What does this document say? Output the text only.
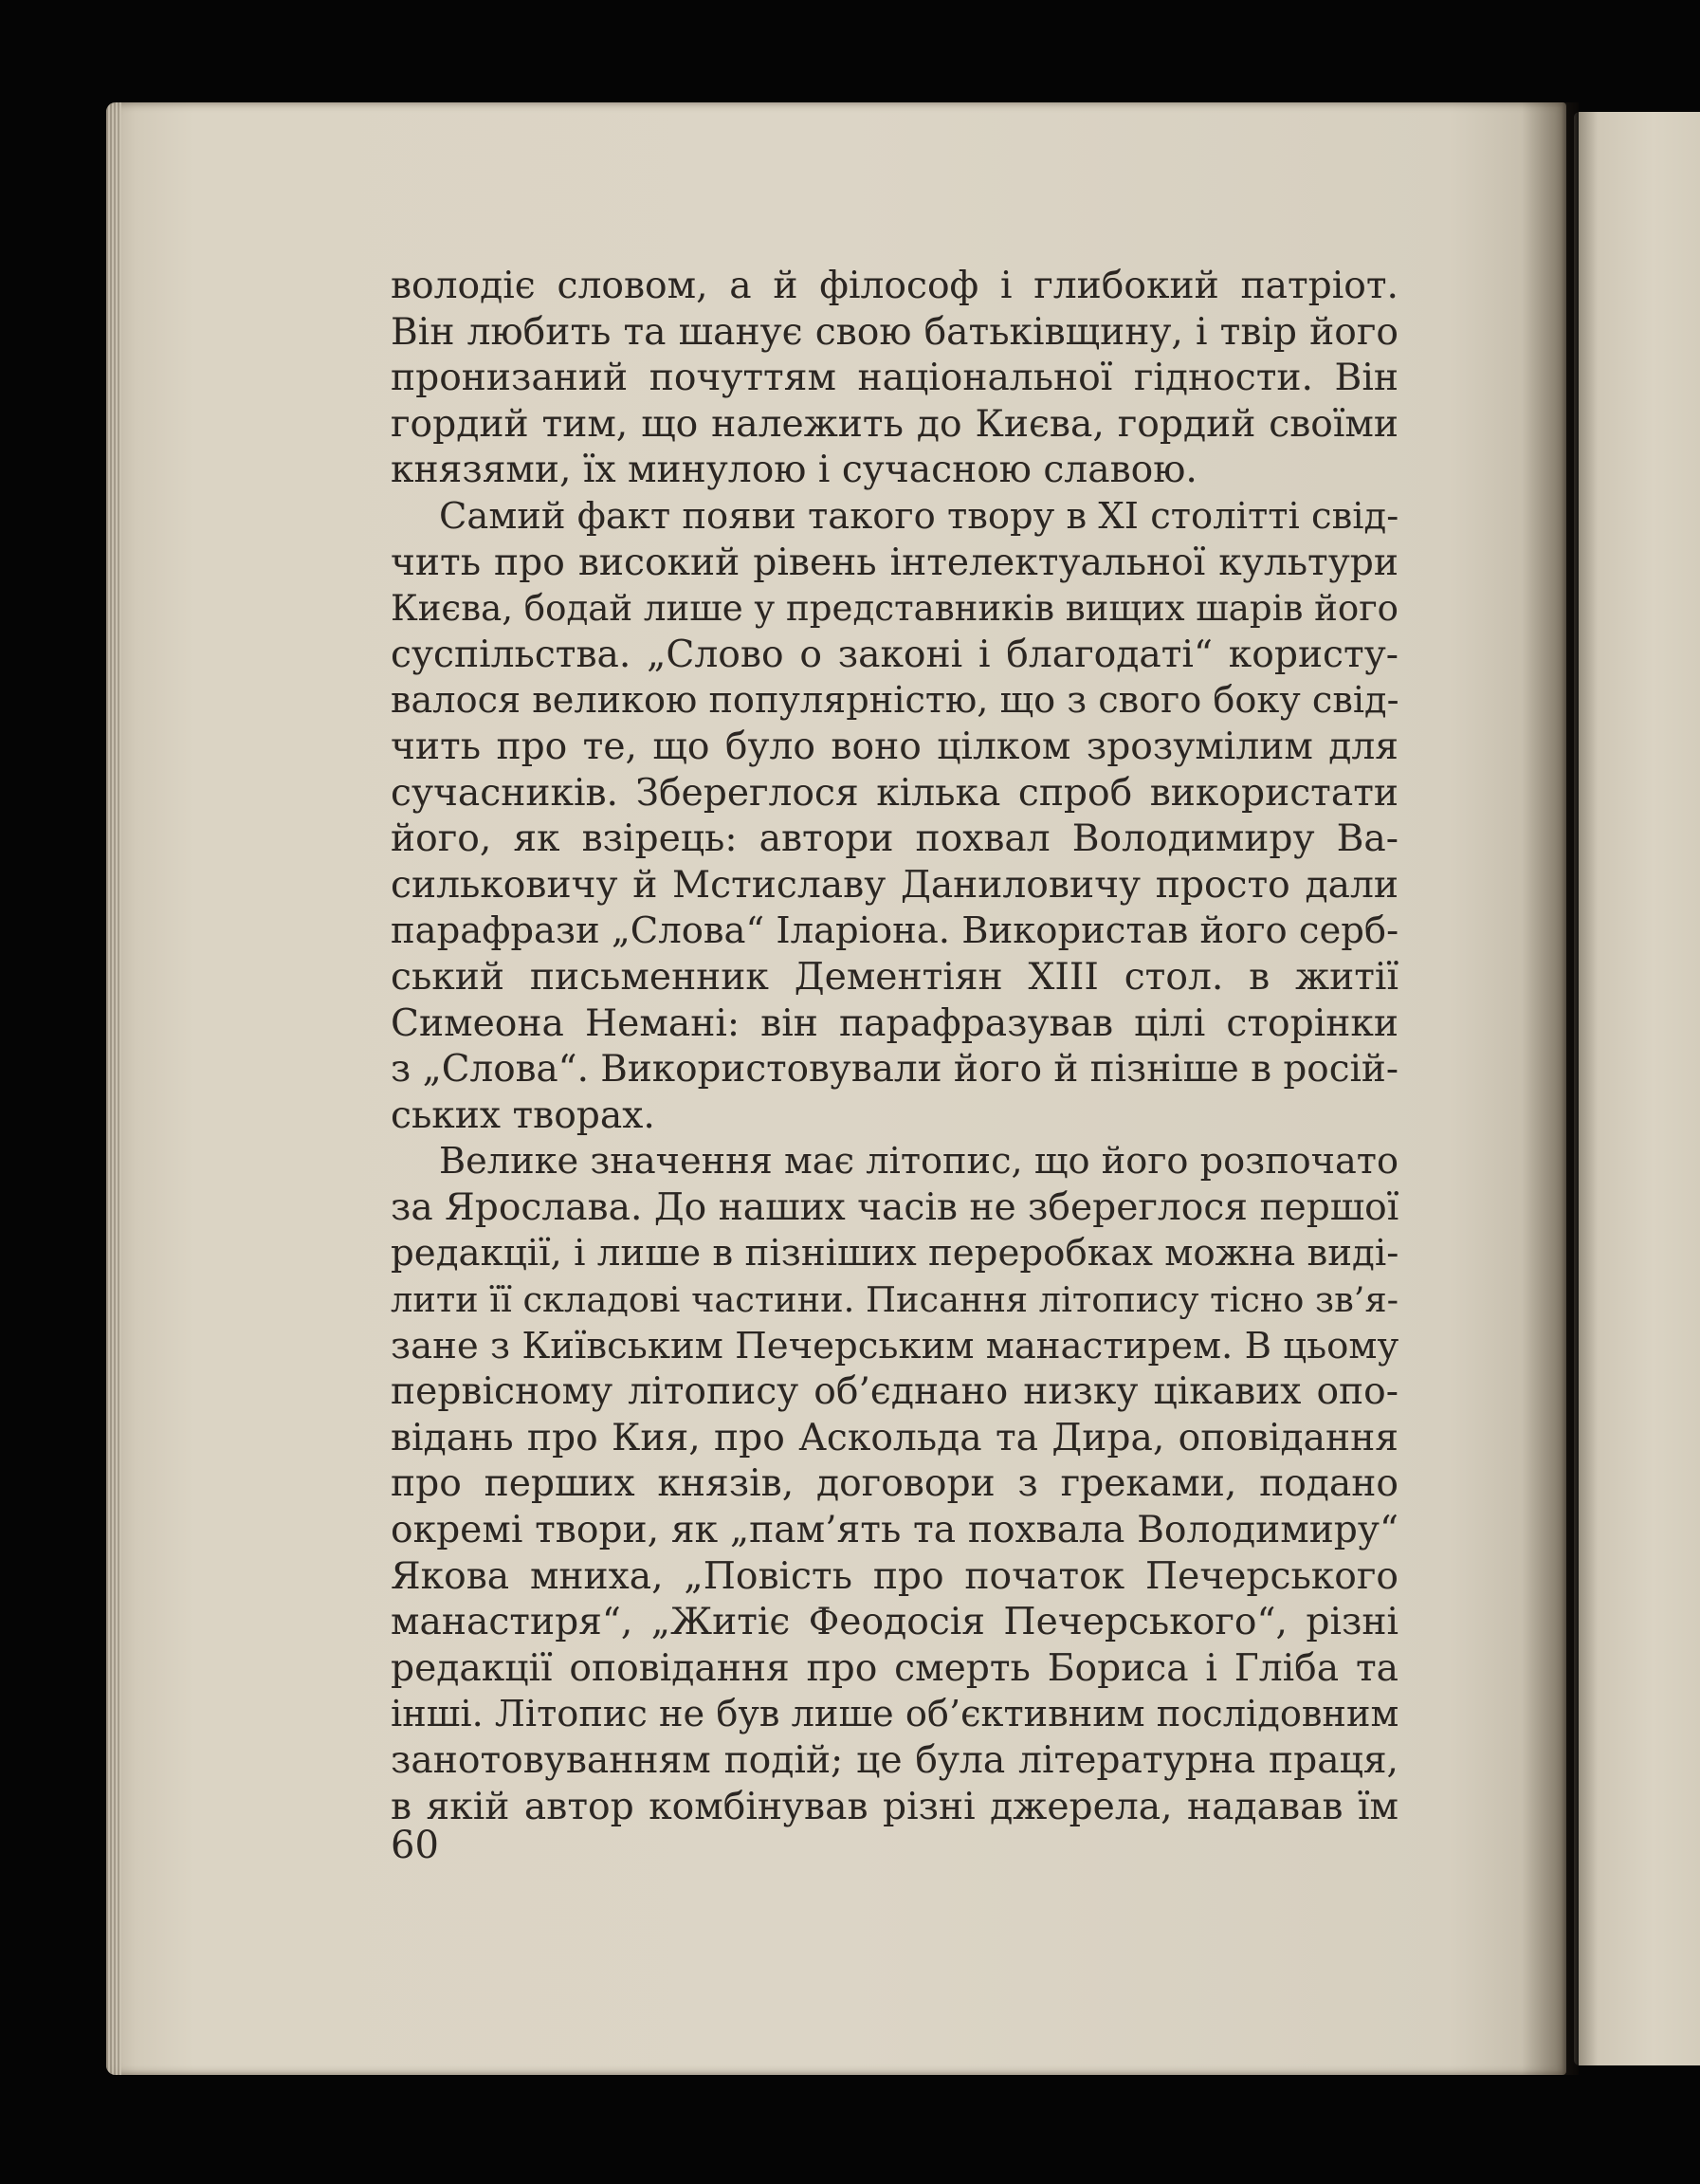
володіє словом, а й філософ і глибокий патріот.
Він любить та шанує свою батьківщину, і твір його
пронизаний почуттям національної гідности. Він
гордий тим, що належить до Києва, гордий своїми
князями, їх минулою і сучасною славою.
Самий факт появи такого твору в XI столітті свід-
чить про високий рівень інтелектуальної культури
Києва, бодай лише у представників вищих шарів його
суспільства. „Слово о законі і благодаті“ користу-
валося великою популярністю, що з свого боку свід-
чить про те, що було воно цілком зрозумілим для
сучасників. Збереглося кілька спроб використати
його, як взірець: автори похвал Володимиру Ва-
сильковичу й Мстиславу Даниловичу просто дали
парафрази „Слова“ Іларіона. Використав його серб-
ський письменник Дементіян XIII стол. в житії
Симеона Немані: він парафразував цілі сторінки
з „Слова“. Використовували його й пізніше в росій-
ських творах.
Велике значення має літопис, що його розпочато
за Ярослава. До наших часів не збереглося першої
редакції, і лише в пізніших переробках можна виді-
лити її складові частини. Писання літопису тісно зв’я-
зане з Київським Печерським манастирем. В цьому
первісному літопису об’єднано низку цікавих опо-
відань про Кия, про Аскольда та Дира, оповідання
про перших князів, договори з греками, подано
окремі твори, як „пам’ять та похвала Володимиру“
Якова мниха, „Повість про початок Печерського
манастиря“, „Житіє Феодосія Печерського“, різні
редакції оповідання про смерть Бориса і Гліба та
інші. Літопис не був лише об’єктивним послідовним
занотовуванням подій; це була літературна праця,
в якій автор комбінував різні джерела, надавав їм
60
